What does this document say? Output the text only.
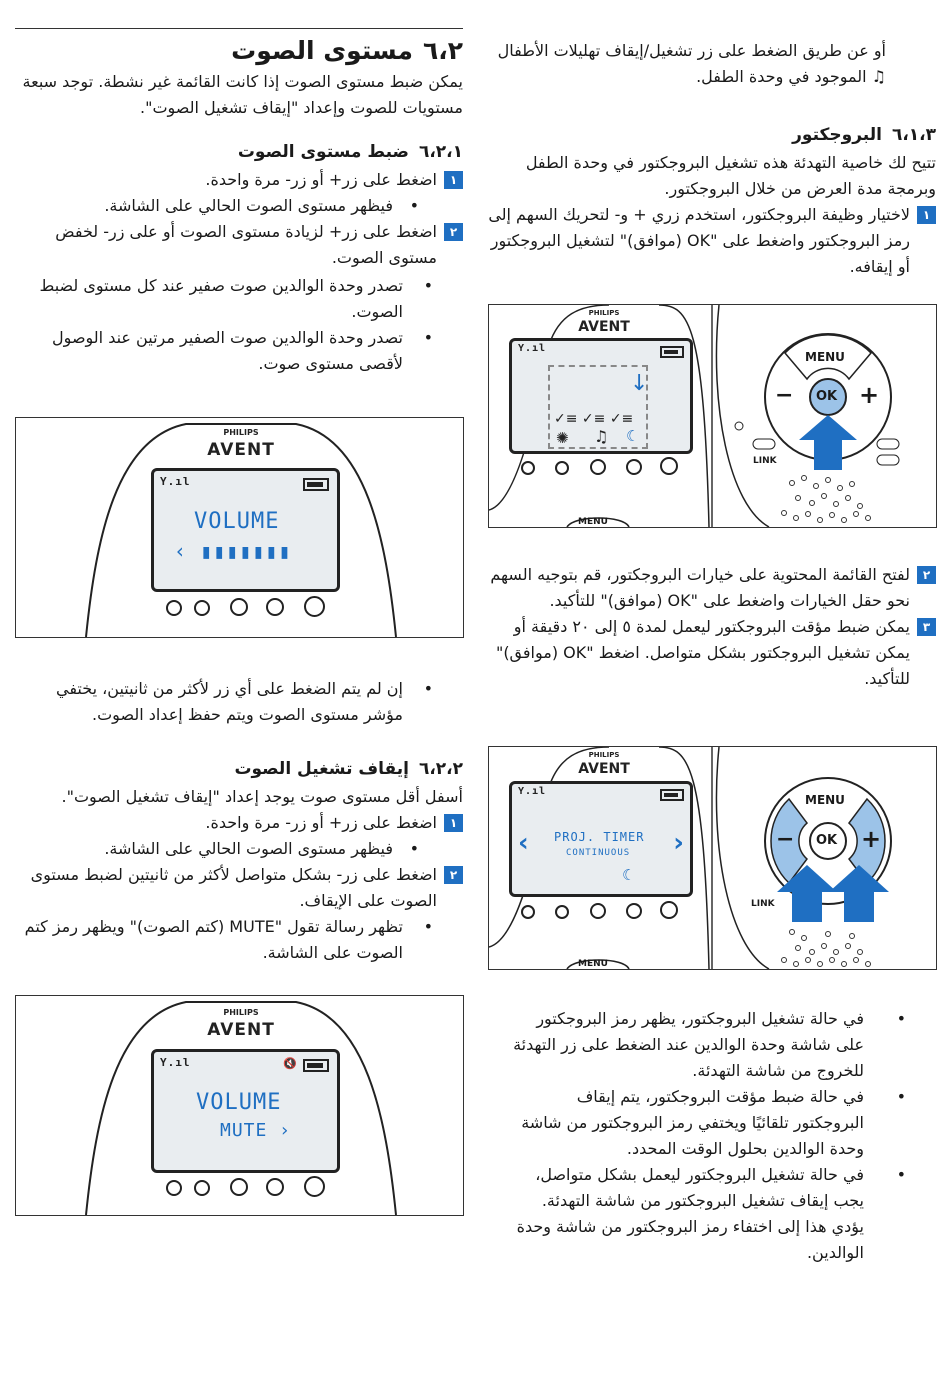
٦،٢مستوى الصوت

يمكن ضبط مستوى الصوت إذا كانت القائمة غير نشطة. توجد سبعة مستويات للصوت وإعداد "إيقاف تشغيل الصوت".

٦،٢،١ضبط مستوى الصوت
١
اضغط على زر+ أو زر- مرة واحدة.
فيظهر مستوى الصوت الحالي على الشاشة. •
٢
اضغط على زر+ لزيادة مستوى الصوت أو على زر- لخفض مستوى الصوت.
تصدر وحدة الوالدين صوت صفير عند كل مستوى لضبط الصوت. •
تصدر وحدة الوالدين صوت الصفير مرتين عند الوصول لأقصى مستوى صوت. •
PHILIPS
AVENT
Y.ıl
VOLUME
‹ ▮▮▮▮▮▮▮
إن لم يتم الضغط على أي زر لأكثر من ثانيتين، يختفي مؤشر مستوى الصوت ويتم حفظ إعداد الصوت. •
٦،٢،٢إيقاف تشغيل الصوت

أسفل أقل مستوى صوت يوجد إعداد "إيقاف تشغيل الصوت".

١
اضغط على زر+ أو زر- مرة واحدة.
فيظهر مستوى الصوت الحالي على الشاشة. •
٢
اضغط على زر- بشكل متواصل لأكثر من ثانيتين لضبط مستوى الصوت على الإيقاف.
تظهر رسالة تقول "MUTE (كتم الصوت)" ويظهر رمز كتم الصوت على الشاشة. •
PHILIPS
AVENT
Y.ıl	🔇
VOLUME
MUTE ›

أو عن طريق الضغط على زر تشغيل/إيقاف تهليلات الأطفال ♫ الموجود في وحدة الطفل.

٦،١،٣البروجكتور

تتيح لك خاصية التهدئة هذه تشغيل البروجكتور في وحدة الطفل وبرمجة مدة العرض من خلال البروجكتور.

١
لاختيار وظيفة البروجكتور، استخدم زري + و- لتحريك السهم إلى رمز البروجكتور واضغط على "OK (موافق)" لتشغيل البروجكتور أو إيقافه.
PHILIPS
AVENT
Y.ıl
✓≡ ✓≡ ✓≡
✺ ♫ ☾
↓
MENU
MENU
OK
−	+
LINK
٢
لفتح القائمة المحتوية على خيارات البروجكتور، قم بتوجيه السهم نحو حقل الخيارات واضغط على "OK (موافق)" للتأكيد.
٣
يمكن ضبط مؤقت البروجكتور ليعمل لمدة ٥ إلى ٢٠ دقيقة أو يمكن تشغيل البروجكتور بشكل متواصل. اضغط "OK (موافق)" للتأكيد.
PHILIPS
AVENT
Y.ıl
‹	›
PROJ. TIMER
CONTINUOUS
☾
MENU
MENU
OK
−	+
LINK
في حالة تشغيل البروجكتور، يظهر رمز البروجكتور على شاشة وحدة الوالدين عند الضغط على زر التهدئة للخروج من شاشة التهدئة. •
في حالة ضبط مؤقت البروجكتور، يتم إيقاف البروجكتور تلقائيًا ويختفي رمز البروجكتور من شاشة وحدة الوالدين بحلول الوقت المحدد. •
في حالة تشغيل البروجكتور ليعمل بشكل متواصل، يجب إيقاف تشغيل البروجكتور من شاشة التهدئة. يؤدي هذا إلى اختفاء رمز البروجكتور من شاشة وحدة الوالدين. •
